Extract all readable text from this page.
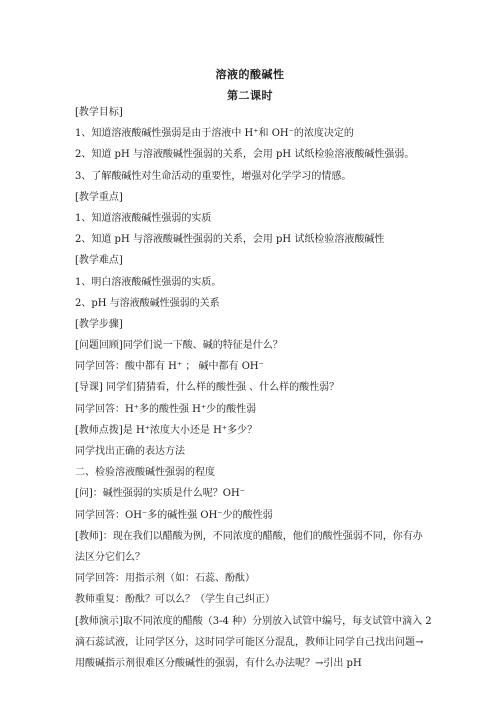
溶液的酸碱性
第二课时
[教学目标]
1、知道溶液酸碱性强弱是由于溶液中 H⁺和 OH⁻的浓度决定的
2、知道 pH 与溶液酸碱性强弱的关系，会用 pH 试纸检验溶液酸碱性强弱。
3、了解酸碱性对生命活动的重要性，增强对化学学习的情感。
[教学重点]
1、知道溶液酸碱性强弱的实质
2、知道 pH 与溶液酸碱性强弱的关系，会用 pH 试纸检验溶液酸碱性
[教学难点]
1、明白溶液酸碱性强弱的实质。
2、pH 与溶液酸碱性强弱的关系
[教学步骤]
[问题回顾]同学们说一下酸、碱的特征是什么？
同学回答：酸中都有 H⁺ ； 碱中都有 OH⁻
[导课] 同学们猜猜看，什么样的酸性强 、什么样的酸性弱？
同学回答：H⁺多的酸性强 H⁺少的酸性弱
[教师点拨]是 H⁺浓度大小还是 H⁺多少？
同学找出正确的表达方法
二、检验溶液酸碱性强弱的程度
[问]：碱性强弱的实质是什么呢？OH⁻
同学回答：OH⁻多的碱性强 OH⁻少的酸性弱
[教师]：现在我们以醋酸为例，不同浓度的醋酸，他们的酸性强弱不同，你有办
法区分它们么？
同学回答：用指示剂（如：石蕊、酚酞）
教师重复：酚酞？可以么？（学生自己纠正）
[教师演示]取不同浓度的醋酸（3-4 种）分别放入试管中编号，每支试管中滴入 2
滴石蕊试液，让同学区分，这时同学可能区分混乱，教师让同学自己找出问题→
用酸碱指示剂很难区分酸碱性的强弱，有什么办法呢？→引出 pH
